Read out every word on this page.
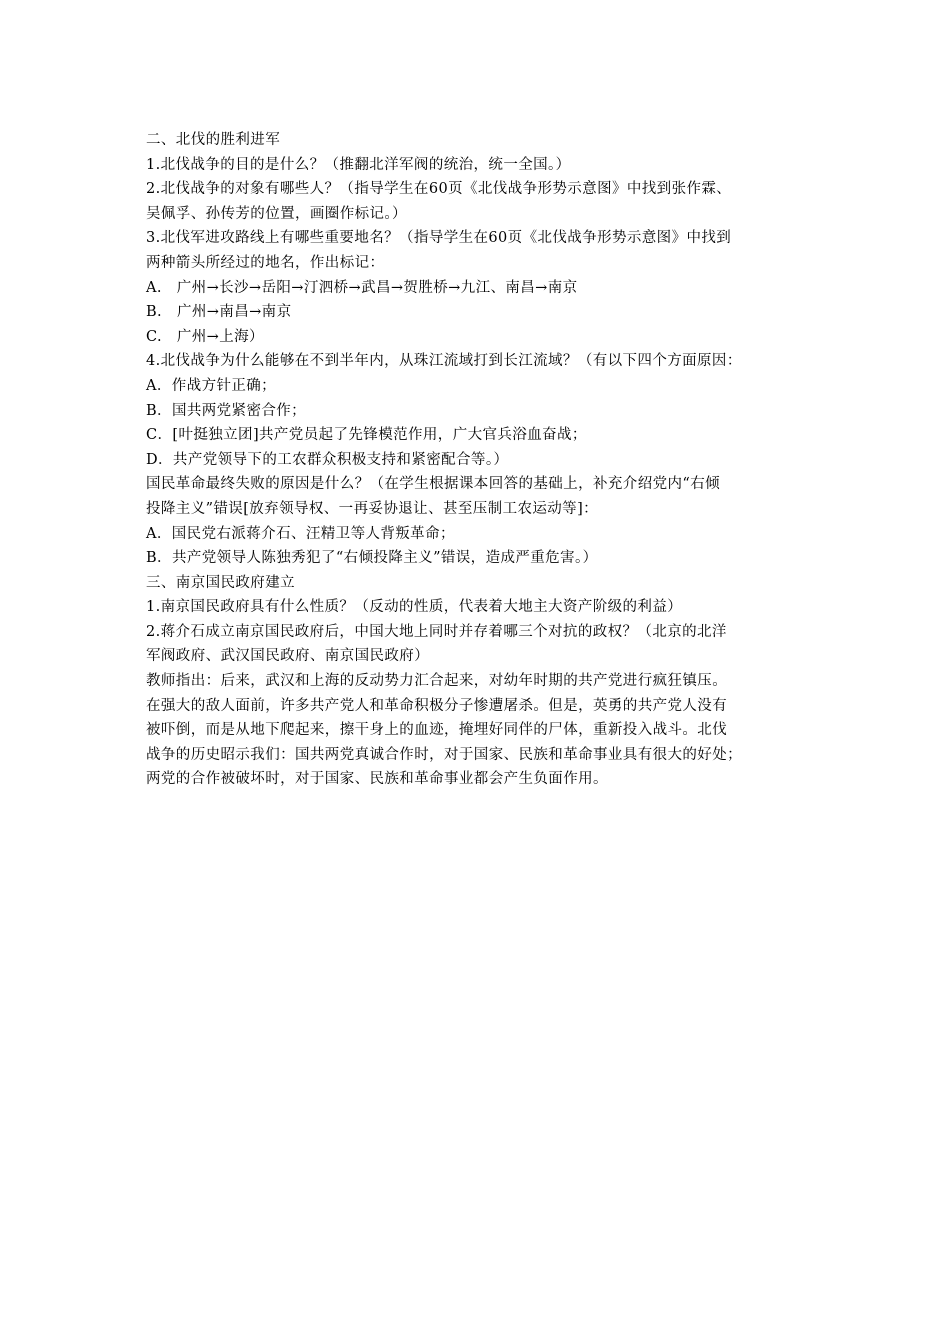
二、北伐的胜利进军
1.北伐战争的目的是什么？（推翻北洋军阀的统治，统一全国。）
2.北伐战争的对象有哪些人？（指导学生在60页《北伐战争形势示意图》中找到张作霖、
吴佩孚、孙传芳的位置，画圈作标记。）
3.北伐军进攻路线上有哪些重要地名？（指导学生在60页《北伐战争形势示意图》中找到
两种箭头所经过的地名，作出标记：
A.　广州→长沙→岳阳→汀泗桥→武昌→贺胜桥→九江、南昌→南京
B.　广州→南昌→南京
C.　广州→上海）
4.北伐战争为什么能够在不到半年内，从珠江流域打到长江流域？（有以下四个方面原因：
A．作战方针正确；
B．国共两党紧密合作；
C．[叶挺独立团]共产党员起了先锋模范作用，广大官兵浴血奋战；
D．共产党领导下的工农群众积极支持和紧密配合等。）
国民革命最终失败的原因是什么？（在学生根据课本回答的基础上，补充介绍党内“右倾
投降主义”错误[放弃领导权、一再妥协退让、甚至压制工农运动等]：
A．国民党右派蒋介石、汪精卫等人背叛革命；
B．共产党领导人陈独秀犯了“右倾投降主义”错误，造成严重危害。）
三、南京国民政府建立
1.南京国民政府具有什么性质？（反动的性质，代表着大地主大资产阶级的利益）
2.蒋介石成立南京国民政府后，中国大地上同时并存着哪三个对抗的政权？（北京的北洋
军阀政府、武汉国民政府、南京国民政府）
教师指出：后来，武汉和上海的反动势力汇合起来，对幼年时期的共产党进行疯狂镇压。
在强大的敌人面前，许多共产党人和革命积极分子惨遭屠杀。但是，英勇的共产党人没有
被吓倒，而是从地下爬起来，擦干身上的血迹，掩埋好同伴的尸体，重新投入战斗。北伐
战争的历史昭示我们：国共两党真诚合作时，对于国家、民族和革命事业具有很大的好处；
两党的合作被破坏时，对于国家、民族和革命事业都会产生负面作用。
